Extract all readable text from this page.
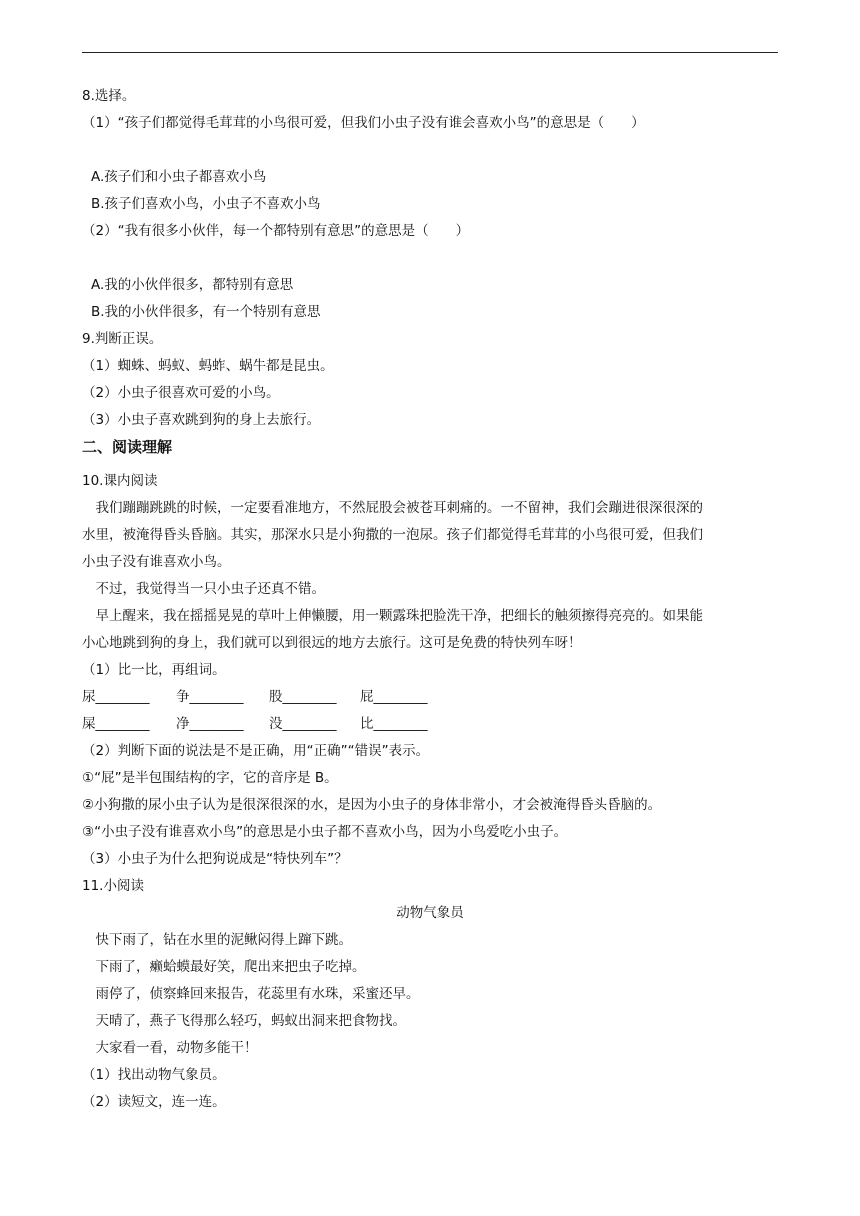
8.选择。
（1）“孩子们都觉得毛茸茸的小鸟很可爱，但我们小虫子没有谁会喜欢小鸟”的意思是（　　）
A.孩子们和小虫子都喜欢小鸟
B.孩子们喜欢小鸟，小虫子不喜欢小鸟
（2）“我有很多小伙伴，每一个都特别有意思”的意思是（　　）
A.我的小伙伴很多，都特别有意思
B.我的小伙伴很多，有一个特别有意思
9.判断正误。
（1）蜘蛛、蚂蚁、蚂蚱、蜗牛都是昆虫。
（2）小虫子很喜欢可爱的小鸟。
（3）小虫子喜欢跳到狗的身上去旅行。
二、阅读理解
10.课内阅读
　我们蹦蹦跳跳的时候，一定要看准地方，不然屁股会被苍耳刺痛的。一不留神，我们会蹦进很深很深的
水里，被淹得昏头昏脑。其实，那深水只是小狗撒的一泡尿。孩子们都觉得毛茸茸的小鸟很可爱，但我们
小虫子没有谁喜欢小鸟。
　不过，我觉得当一只小虫子还真不错。
　早上醒来，我在摇摇晃晃的草叶上伸懒腰，用一颗露珠把脸洗干净，把细长的触须擦得亮亮的。如果能
小心地跳到狗的身上，我们就可以到很远的地方去旅行。这可是免费的特快列车呀！
（1）比一比，再组词。
尿________ 争________ 股________ 屁________
屎________ 净________ 没________ 比________
（2）判断下面的说法是不是正确，用“正确”“错误”表示。
①“屁”是半包围结构的字，它的音序是 B。
②小狗撒的尿小虫子认为是很深很深的水，是因为小虫子的身体非常小，才会被淹得昏头昏脑的。
③“小虫子没有谁喜欢小鸟”的意思是小虫子都不喜欢小鸟，因为小鸟爱吃小虫子。
（3）小虫子为什么把狗说成是“特快列车”？
11.小阅读
动物气象员
　快下雨了，钻在水里的泥鳅闷得上蹿下跳。
　下雨了，癞蛤蟆最好笑，爬出来把虫子吃掉。
　雨停了，侦察蜂回来报告，花蕊里有水珠，采蜜还早。
　天晴了，燕子飞得那么轻巧，蚂蚁出洞来把食物找。
　大家看一看，动物多能干！
（1）找出动物气象员。
（2）读短文，连一连。
